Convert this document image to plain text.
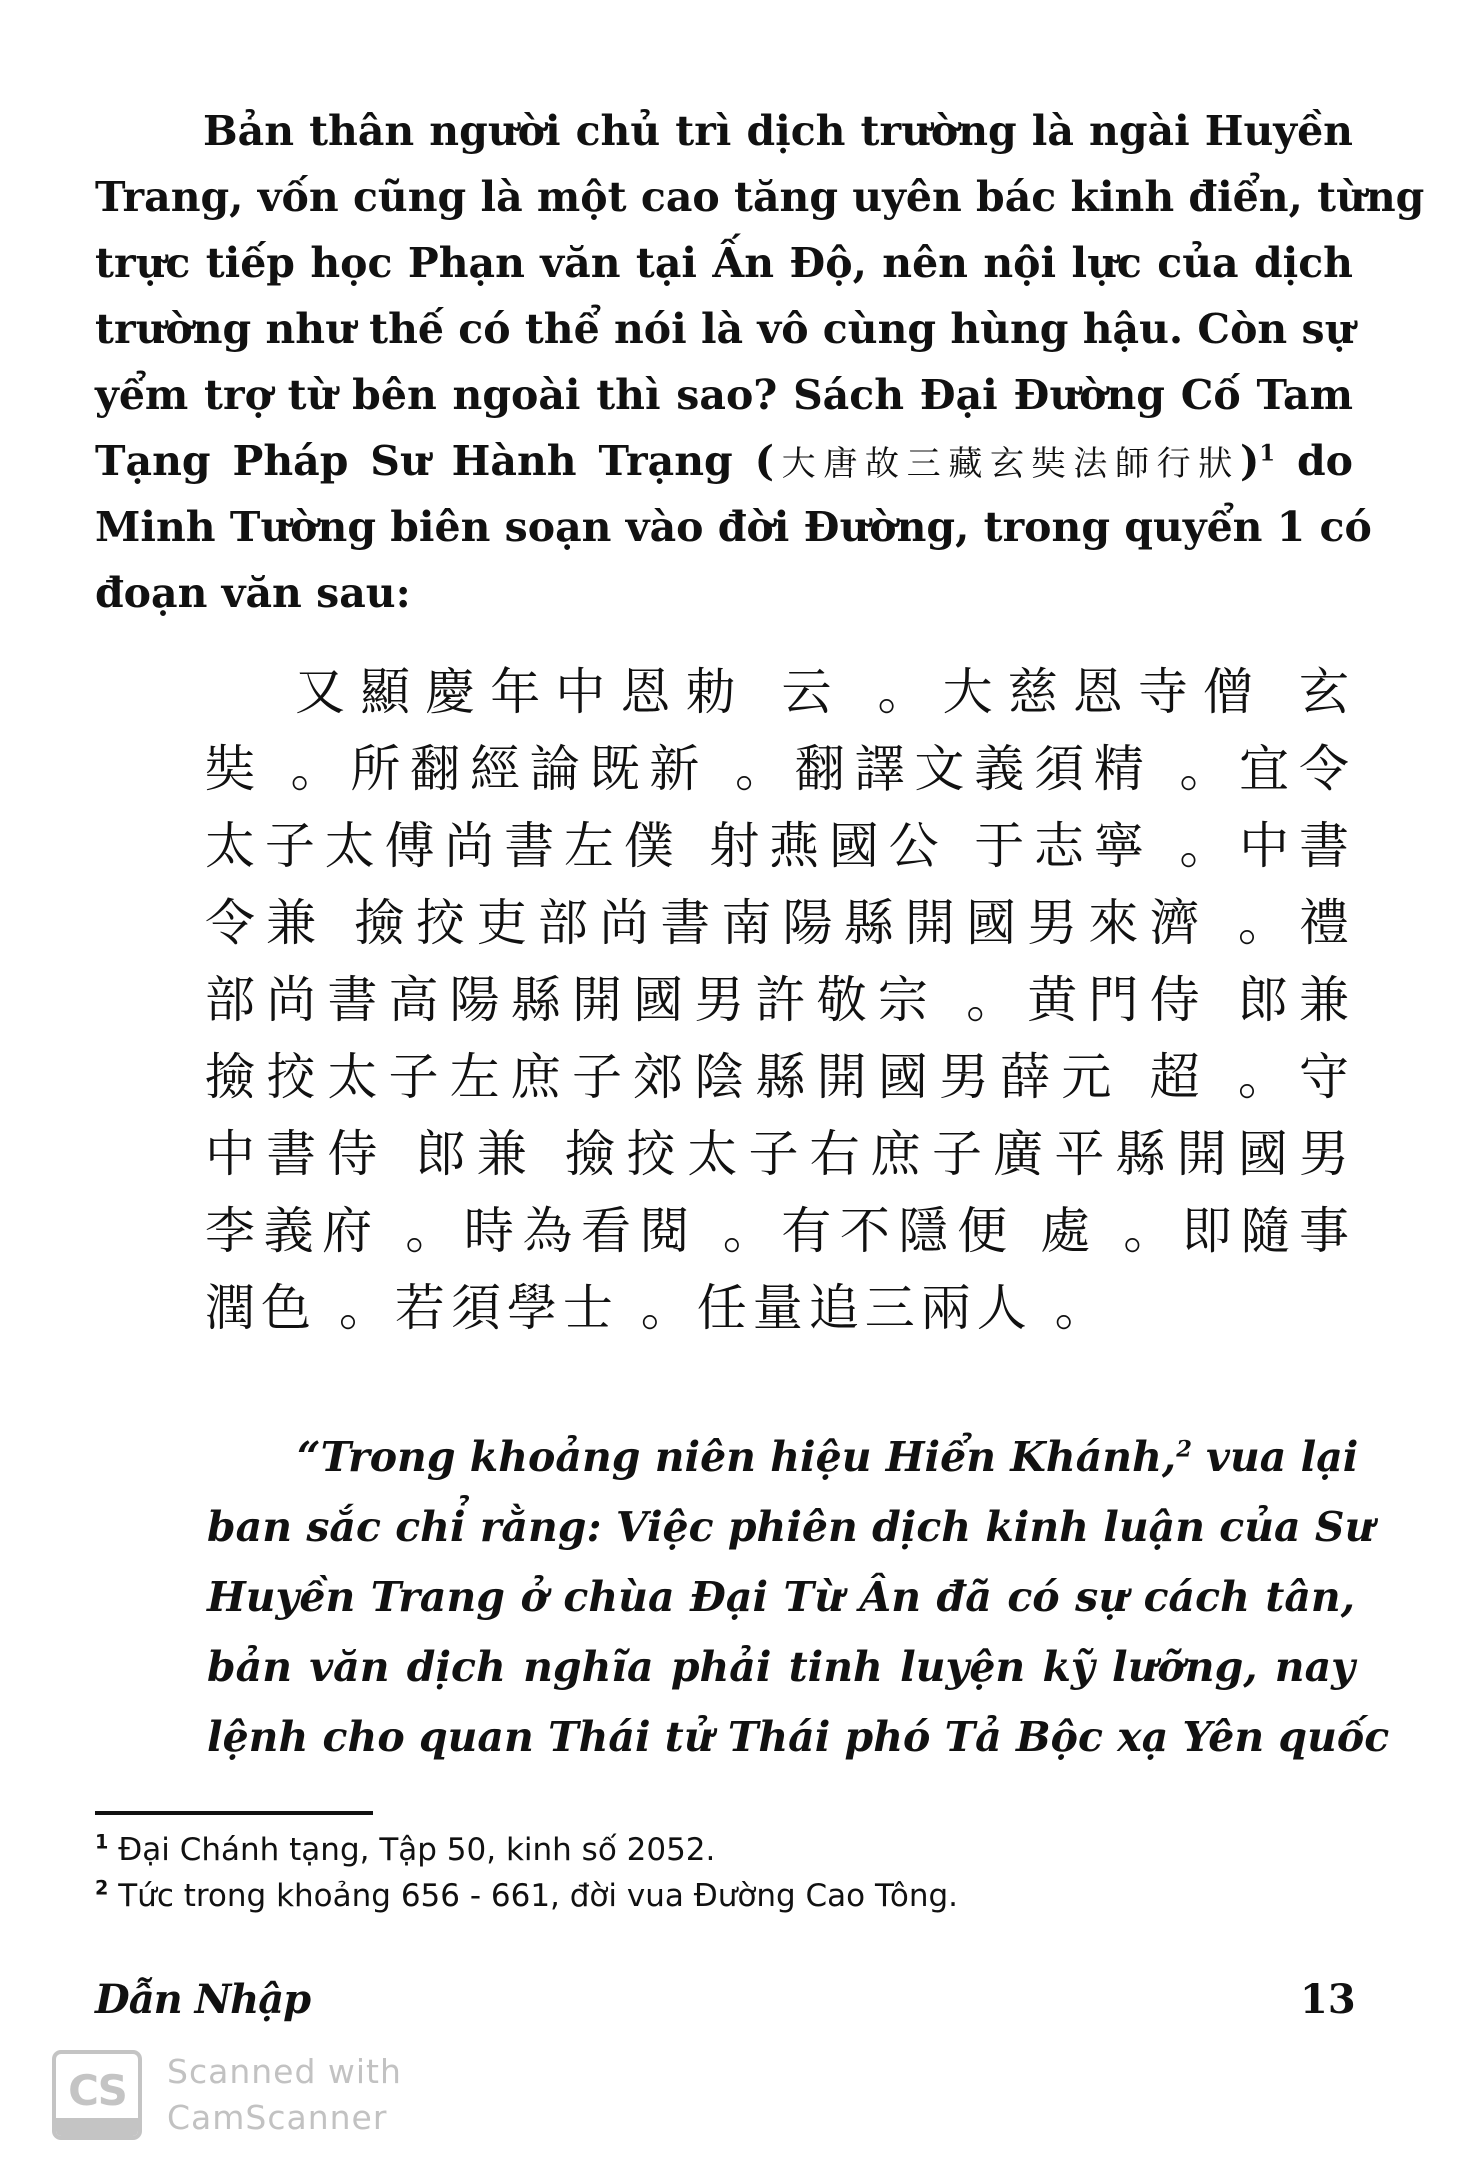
Bản thân người chủ trì dịch trường là ngài Huyền
Trang, vốn cũng là một cao tăng uyên bác kinh điển, từng
trực tiếp học Phạn văn tại Ấn Độ, nên nội lực của dịch
trường như thế có thể nói là vô cùng hùng hậu. Còn sự
yểm trợ từ bên ngoài thì sao? Sách Đại Đường Cố Tam
Tạng Pháp Sư Hành Trạng (大唐故三藏玄奘法師行狀)$^1$ do
Minh Tường biên soạn vào đời Đường, trong quyển 1 có
đoạn văn sau:
又顯慶年中恩勅 云 。大慈恩寺僧 玄
奘 。所翻經論既新 。翻譯文義須精 。宜令
太子太傅尚書左僕 射燕國公 于志寧 。中書
令兼 撿挍吏部尚書南陽縣開國男來濟 。禮
部尚書高陽縣開國男許敬宗 。黄門侍 郎兼
撿挍太子左庶子郊陰縣開國男薛元 超 。守
中書侍 郎兼 撿挍太子右庶子廣平縣開國男
李義府 。時為看閱 。有不隱便 處 。即隨事
潤色 。若須學士 。任量追三兩人 。
“Trong khoảng niên hiệu Hiển Khánh,$^2$ vua lại
ban sắc chỉ rằng: Việc phiên dịch kinh luận của Sư
Huyền Trang ở chùa Đại Từ Ân đã có sự cách tân,
bản văn dịch nghĩa phải tinh luyện kỹ lưỡng, nay
lệnh cho quan Thái tử Thái phó Tả Bộc xạ Yên quốc
$^1$ Đại Chánh tạng, Tập 50, kinh số 2052.
$^2$ Tức trong khoảng 656 - 661, đời vua Đường Cao Tông.
Dẫn Nhập	13
CS	Scanned with
CamScanner
